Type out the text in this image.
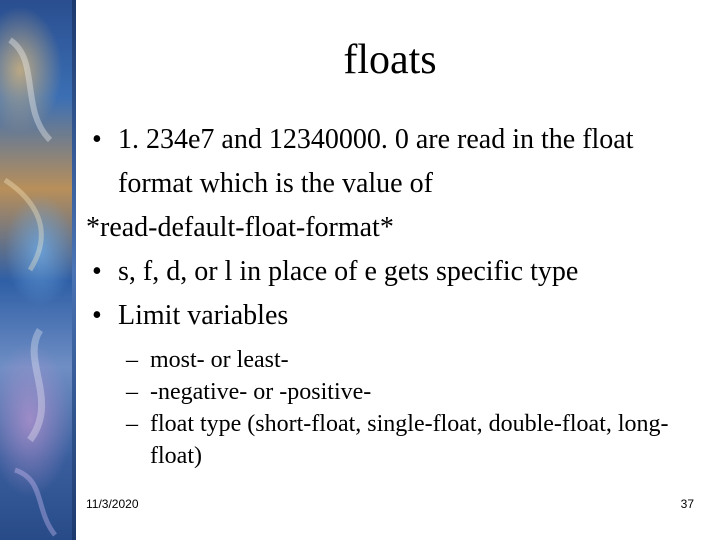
floats
• 1. 234e7 and 12340000. 0 are read in the float format which is the value of
*read-default-float-format*
• s, f, d, or l in place of e gets specific type
• Limit variables
– most- or least-
– -negative- or -positive-
– float type (short-float, single-float, double-float, long-float)
11/3/2020	37
